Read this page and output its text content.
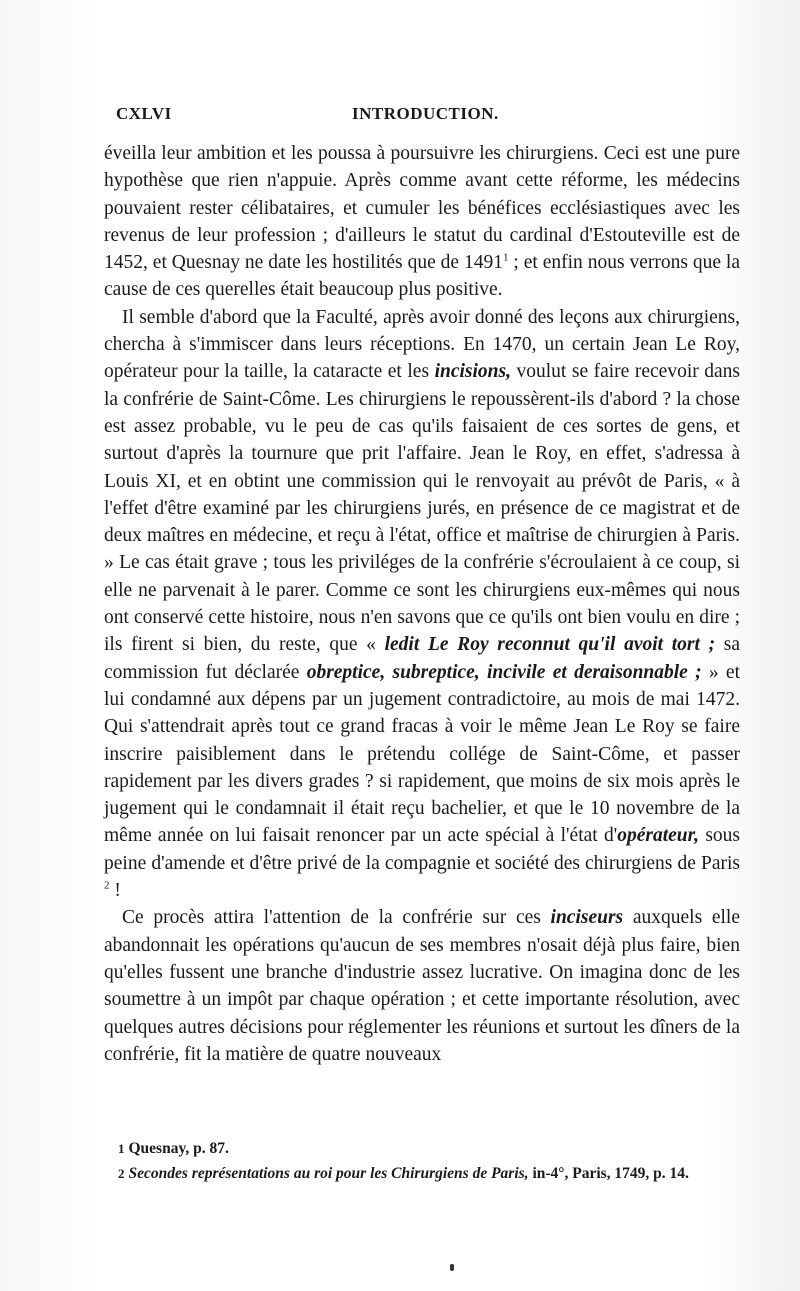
CXLVI	INTRODUCTION.

éveilla leur ambition et les poussa à poursuivre les chirurgiens. Ceci est une pure hypothèse que rien n'appuie. Après comme avant cette réforme, les médecins pouvaient rester célibataires, et cumuler les bénéfices ecclésiastiques avec les revenus de leur profession ; d'ailleurs le statut du cardinal d'Estouteville est de 1452, et Quesnay ne date les hostilités que de 1491$^1$ ; et enfin nous verrons que la cause de ces querelles était beaucoup plus positive.

Il semble d'abord que la Faculté, après avoir donné des leçons aux chirurgiens, chercha à s'immiscer dans leurs réceptions. En 1470, un certain Jean Le Roy, opérateur pour la taille, la cataracte et les incisions, voulut se faire recevoir dans la confrérie de Saint-Côme. Les chirurgiens le repoussèrent-ils d'abord ? la chose est assez probable, vu le peu de cas qu'ils faisaient de ces sortes de gens, et surtout d'après la tournure que prit l'affaire. Jean le Roy, en effet, s'adressa à Louis XI, et en obtint une commission qui le renvoyait au prévôt de Paris, « à l'effet d'être examiné par les chirurgiens jurés, en présence de ce magistrat et de deux maîtres en médecine, et reçu à l'état, office et maîtrise de chirurgien à Paris. » Le cas était grave ; tous les priviléges de la confrérie s'écroulaient à ce coup, si elle ne parvenait à le parer. Comme ce sont les chirurgiens eux-mêmes qui nous ont conservé cette histoire, nous n'en savons que ce qu'ils ont bien voulu en dire ; ils firent si bien, du reste, que « ledit Le Roy reconnut qu'il avoit tort ; sa commission fut déclarée obreptice, subreptice, incivile et deraisonnable ; » et lui condamné aux dépens par un jugement contradictoire, au mois de mai 1472. Qui s'attendrait après tout ce grand fracas à voir le même Jean Le Roy se faire inscrire paisiblement dans le prétendu collége de Saint-Côme, et passer rapidement par les divers grades ? si rapidement, que moins de six mois après le jugement qui le condamnait il était reçu bachelier, et que le 10 novembre de la même année on lui faisait renoncer par un acte spécial à l'état d'opérateur, sous peine d'amende et d'être privé de la compagnie et société des chirurgiens de Paris $^2$ !

Ce procès attira l'attention de la confrérie sur ces inciseurs auxquels elle abandonnait les opérations qu'aucun de ses membres n'osait déjà plus faire, bien qu'elles fussent une branche d'industrie assez lucrative. On imagina donc de les soumettre à un impôt par chaque opération ; et cette importante résolution, avec quelques autres décisions pour réglementer les réunions et surtout les dîners de la confrérie, fit la matière de quatre nouveaux

1 Quesnay, p. 87.
2 Secondes représentations au roi pour les Chirurgiens de Paris, in-4°, Paris, 1749, p. 14.
